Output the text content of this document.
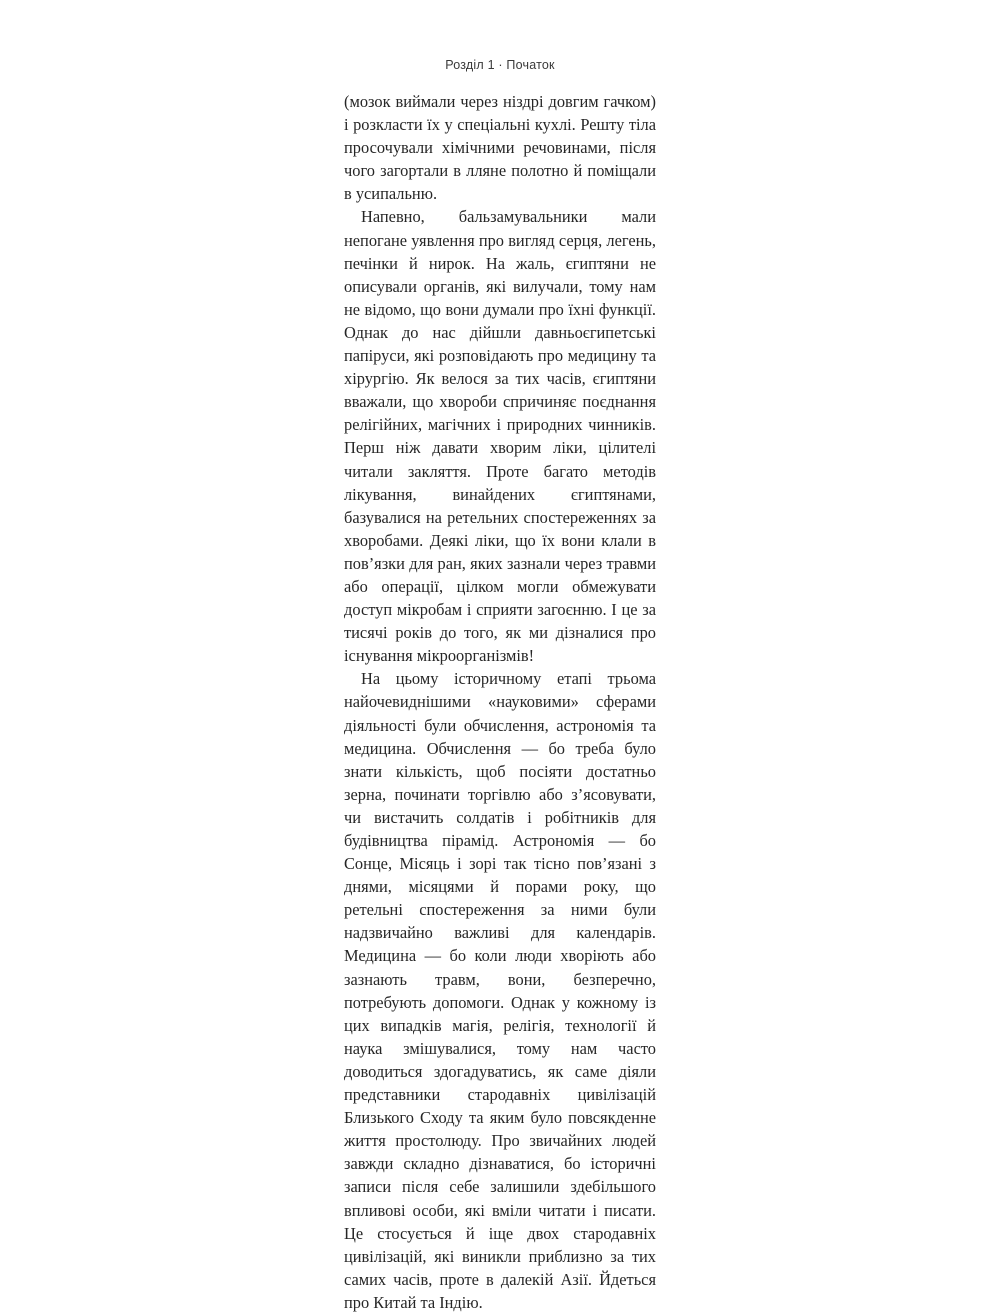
Розділ 1 · Початок

(мозок виймали через ніздрі довгим гачком) і розкласти їх у спеціальні кухлі. Решту тіла просочували хімічними речовинами, після чого загортали в лляне полотно й поміщали в усипальню.

Напевно, бальзамувальники мали непогане уявлення про вигляд серця, легень, печінки й нирок. На жаль, єгиптяни не описували органів, які вилучали, тому нам не відомо, що вони думали про їхні функції. Однак до нас дійшли давньоєгипетські папіруси, які розповідають про медицину та хірургію. Як велося за тих часів, єгиптяни вважали, що хвороби спричиняє поєднання релігійних, магічних і природних чинників. Перш ніж давати хворим ліки, цілителі читали закляття. Проте багато методів лікування, винайдених єгиптянами, базувалися на ретельних спостереженнях за хворобами. Деякі ліки, що їх вони клали в пов’язки для ран, яких зазнали через травми або операції, цілком могли обмежувати доступ мікробам і сприяти загоєнню. І це за тисячі років до того, як ми дізналися про існування мікроорганізмів!

На цьому історичному етапі трьома найочевиднішими «науковими» сферами діяльності були обчислення, астрономія та медицина. Обчислення — бо треба було знати кількість, щоб посіяти достатньо зерна, починати торгівлю або з’ясовувати, чи вистачить солдатів і робітників для будівництва пірамід. Астрономія — бо Сонце, Місяць і зорі так тісно пов’язані з днями, місяцями й порами року, що ретельні спостереження за ними були надзвичайно важливі для календарів. Медицина — бо коли люди хворіють або зазнають травм, вони, безперечно, потребують допомоги. Однак у кожному із цих випадків магія, релігія, технології й наука змішувалися, тому нам часто доводиться здогадуватись, як саме діяли представники стародавніх цивілізацій Близького Сходу та яким було повсякденне життя простолюду. Про звичайних людей завжди складно дізнаватися, бо історичні записи після себе залишили здебільшого впливові особи, які вміли читати і писати. Це стосується й іще двох стародавніх цивілізацій, які виникли приблизно за тих самих часів, проте в далекій Азії. Йдеться про Китай та Індію.
